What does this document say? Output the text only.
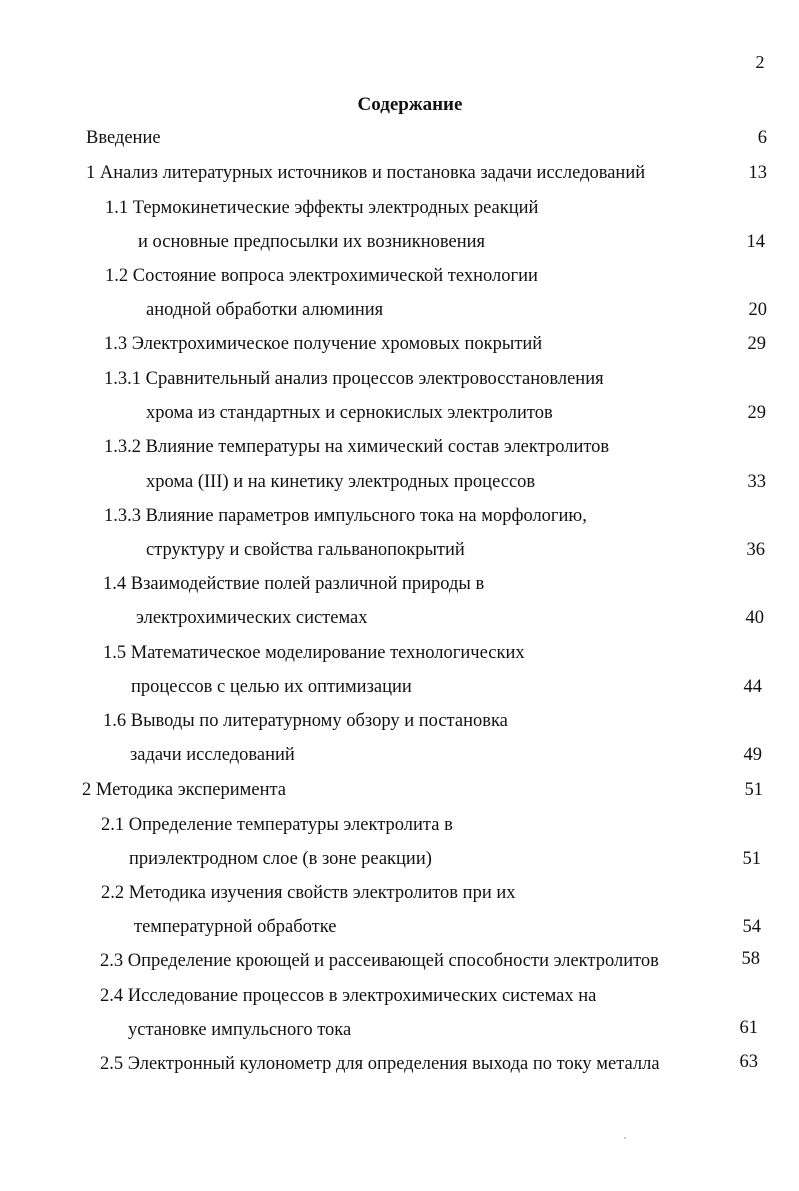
2
Содержание
Введение	6
1 Анализ литературных источников и постановка задачи исследований	13
1.1 Термокинетические эффекты электродных реакций
и основные предпосылки их возникновения	14
1.2 Состояние вопроса электрохимической технологии
анодной обработки алюминия	20
1.3 Электрохимическое получение хромовых покрытий	29
1.3.1 Сравнительный анализ процессов электровосстановления
хрома из стандартных и сернокислых электролитов	29
1.3.2 Влияние температуры на химический состав электролитов
хрома (III) и на кинетику электродных процессов	33
1.3.3 Влияние параметров импульсного тока на морфологию,
структуру и свойства гальванопокрытий	36
1.4 Взаимодействие полей различной природы в
электрохимических системах	40
1.5 Математическое моделирование технологических
процессов с целью их оптимизации	44
1.6 Выводы по литературному обзору и постановка
задачи исследований	49
2 Методика эксперимента	51
2.1 Определение температуры электролита в
приэлектродном слое (в зоне реакции)	51
2.2 Методика изучения свойств электролитов при их
температурной обработке	54
2.3 Определение кроющей и рассеивающей способности электролитов	58
2.4 Исследование процессов в электрохимических системах на
установке импульсного тока	61
2.5 Электронный кулонометр для определения выхода по току металла	63
